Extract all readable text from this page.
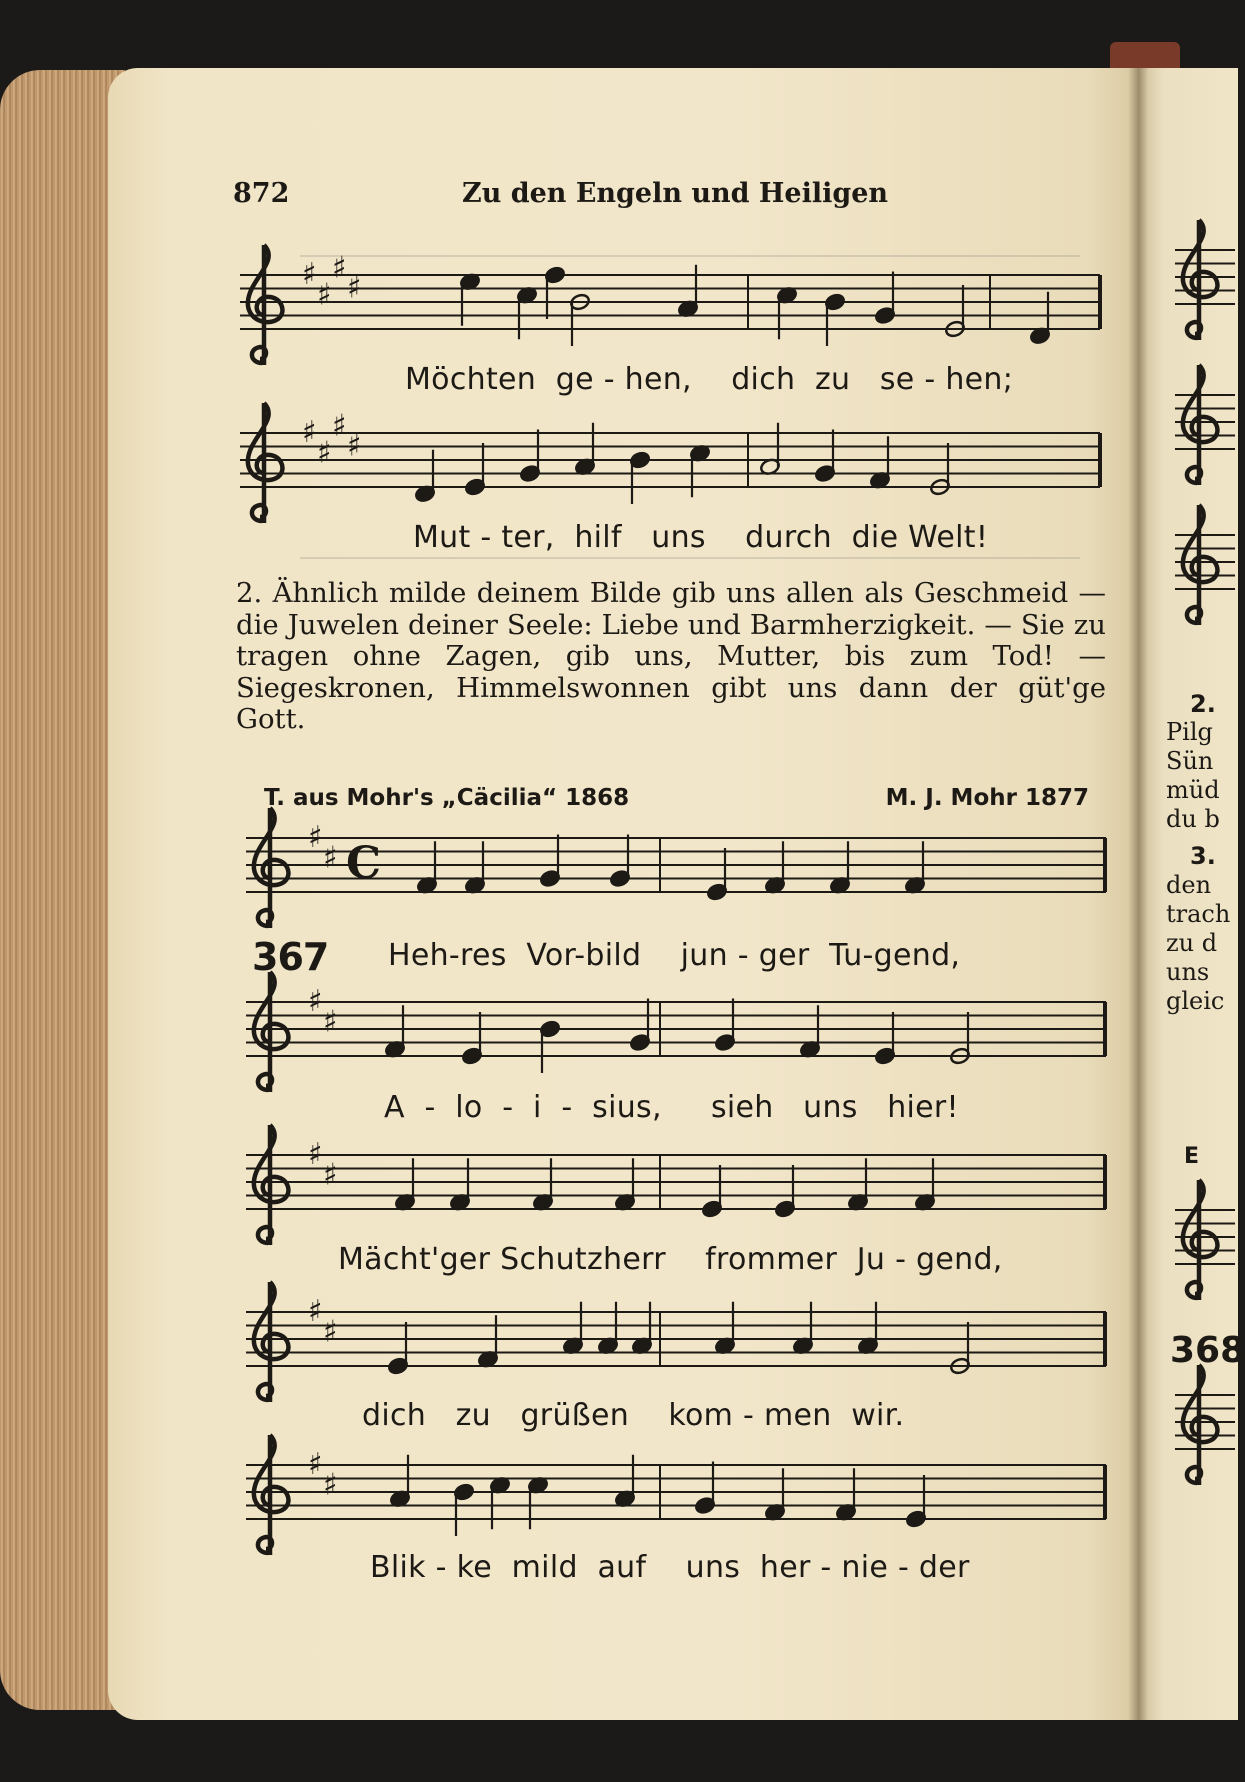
872	Zu den Engeln und Heiligen
♯
♯
♯
♯
♯
♯
♯
♯
♯
♯ C
♯
♯
♯
♯
♯
♯
♯
♯
Möchten  ge - hen,    dich  zu   se - hen;
Mut - ter,  hilf   uns    durch  die Welt!

2. Ähnlich milde deinem Bilde gib uns allen als Geschmeid — die Juwelen deiner Seele: Liebe und Barmherzigkeit. — Sie zu tragen ohne Zagen, gib uns, Mutter, bis zum Tod! — Siegeskronen, Himmelswonnen gibt uns dann der güt'ge Gott.

T. aus Mohr's „Cäcilia“ 1868	M. J. Mohr 1877
367 Heh-res  Vor-bild    jun - ger  Tu-gend,
A  -  lo  -  i  -  sius,     sieh   uns   hier!
Mächt'ger Schutzherr    frommer  Ju - gend,
dich   zu   grüßen    kom - men  wir.
Blik - ke  mild  auf    uns  her - nie - der
2.
Pilg
Sün
müd
du b
3.
den
trach
zu d
uns
gleic
E
368
